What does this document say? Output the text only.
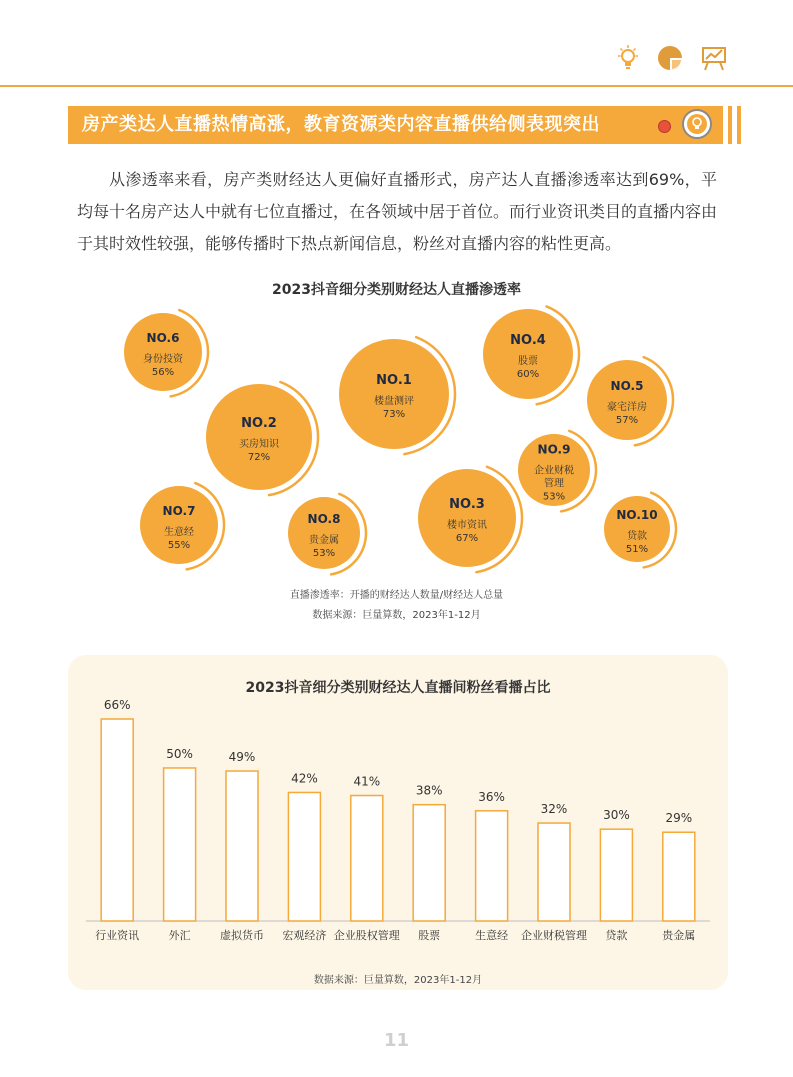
房产类达人直播热情高涨，教育资源类内容直播供给侧表现突出
从渗透率来看，房产类财经达人更偏好直播形式，房产达人直播渗透率达到69%，平均每十名房产达人中就有七位直播过，在各领域中居于首位。而行业资讯类目的直播内容由于其时效性较强，能够传播时下热点新闻信息，粉丝对直播内容的粘性更高。
2023抖音细分类别财经达人直播渗透率
NO.1
楼盘测评
73%
NO.2
买房知识
72%
NO.3
楼市资讯
67%
NO.4
股票
60%
NO.5
豪宅洋房
57%
NO.6
身份投资
56%
NO.7
生意经
55%
NO.8
贵金属
53%
NO.9
企业财税
管理
53%
NO.10
贷款
51%
直播渗透率：开播的财经达人数量/财经达人总量
数据来源：巨量算数，2023年1-12月
2023抖音细分类别财经达人直播间粉丝看播占比
66%
行业资讯
50%
外汇
49%
虚拟货币
42%
宏观经济
41%
企业股权管理
38%
股票
36%
生意经
32%
企业财税管理
30%
贷款
29%
贵金属
数据来源：巨量算数，2023年1-12月
11
